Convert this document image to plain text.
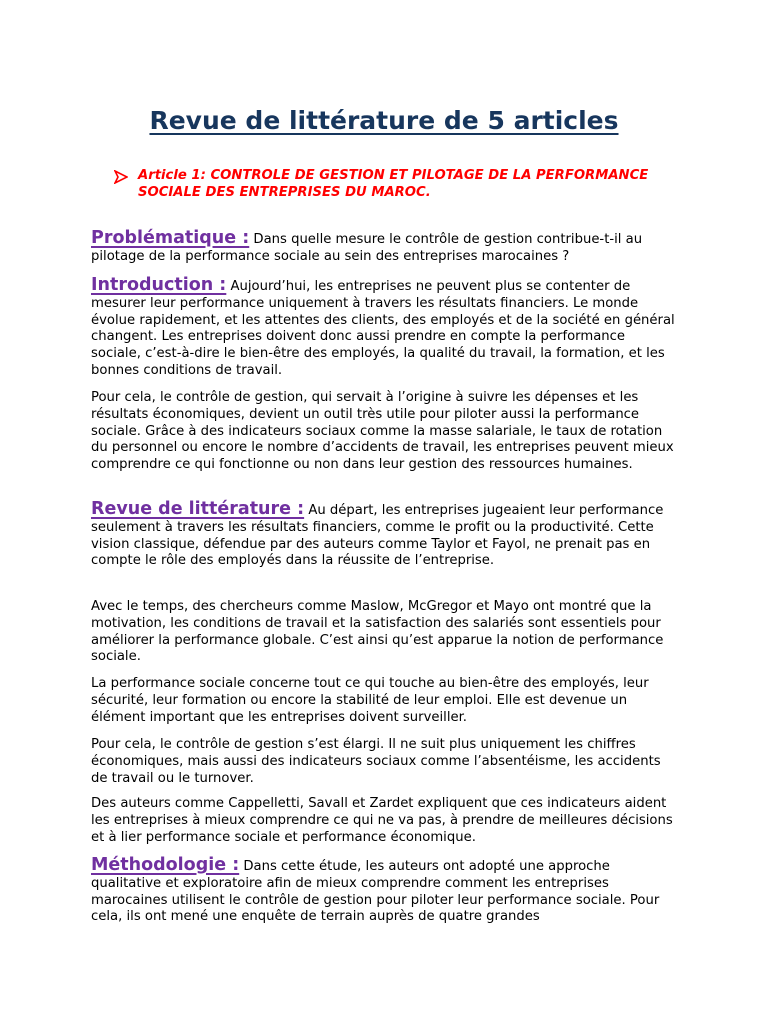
Revue de littérature de 5 articles
Article 1: CONTROLE DE GESTION ET PILOTAGE DE LA PERFORMANCE SOCIALE DES ENTREPRISES DU MAROC.

Problématique : Dans quelle mesure le contrôle de gestion contribue-t-il au pilotage de la performance sociale au sein des entreprises marocaines ?

Introduction : Aujourd’hui, les entreprises ne peuvent plus se contenter de mesurer leur performance uniquement à travers les résultats financiers. Le monde évolue rapidement, et les attentes des clients, des employés et de la société en général changent. Les entreprises doivent donc aussi prendre en compte la performance sociale, c’est-à-dire le bien-être des employés, la qualité du travail, la formation, et les bonnes conditions de travail.

Pour cela, le contrôle de gestion, qui servait à l’origine à suivre les dépenses et les résultats économiques, devient un outil très utile pour piloter aussi la performance sociale. Grâce à des indicateurs sociaux comme la masse salariale, le taux de rotation du personnel ou encore le nombre d’accidents de travail, les entreprises peuvent mieux comprendre ce qui fonctionne ou non dans leur gestion des ressources humaines.

Revue de littérature : Au départ, les entreprises jugeaient leur performance seulement à travers les résultats financiers, comme le profit ou la productivité. Cette vision classique, défendue par des auteurs comme Taylor et Fayol, ne prenait pas en compte le rôle des employés dans la réussite de l’entreprise.

Avec le temps, des chercheurs comme Maslow, McGregor et Mayo ont montré que la motivation, les conditions de travail et la satisfaction des salariés sont essentiels pour améliorer la performance globale. C’est ainsi qu’est apparue la notion de performance sociale.

La performance sociale concerne tout ce qui touche au bien-être des employés, leur sécurité, leur formation ou encore la stabilité de leur emploi. Elle est devenue un élément important que les entreprises doivent surveiller.

Pour cela, le contrôle de gestion s’est élargi. Il ne suit plus uniquement les chiffres économiques, mais aussi des indicateurs sociaux comme l’absentéisme, les accidents de travail ou le turnover.

Des auteurs comme Cappelletti, Savall et Zardet expliquent que ces indicateurs aident les entreprises à mieux comprendre ce qui ne va pas, à prendre de meilleures décisions et à lier performance sociale et performance économique.

Méthodologie : Dans cette étude, les auteurs ont adopté une approche qualitative et exploratoire afin de mieux comprendre comment les entreprises marocaines utilisent le contrôle de gestion pour piloter leur performance sociale. Pour cela, ils ont mené une enquête de terrain auprès de quatre grandes
